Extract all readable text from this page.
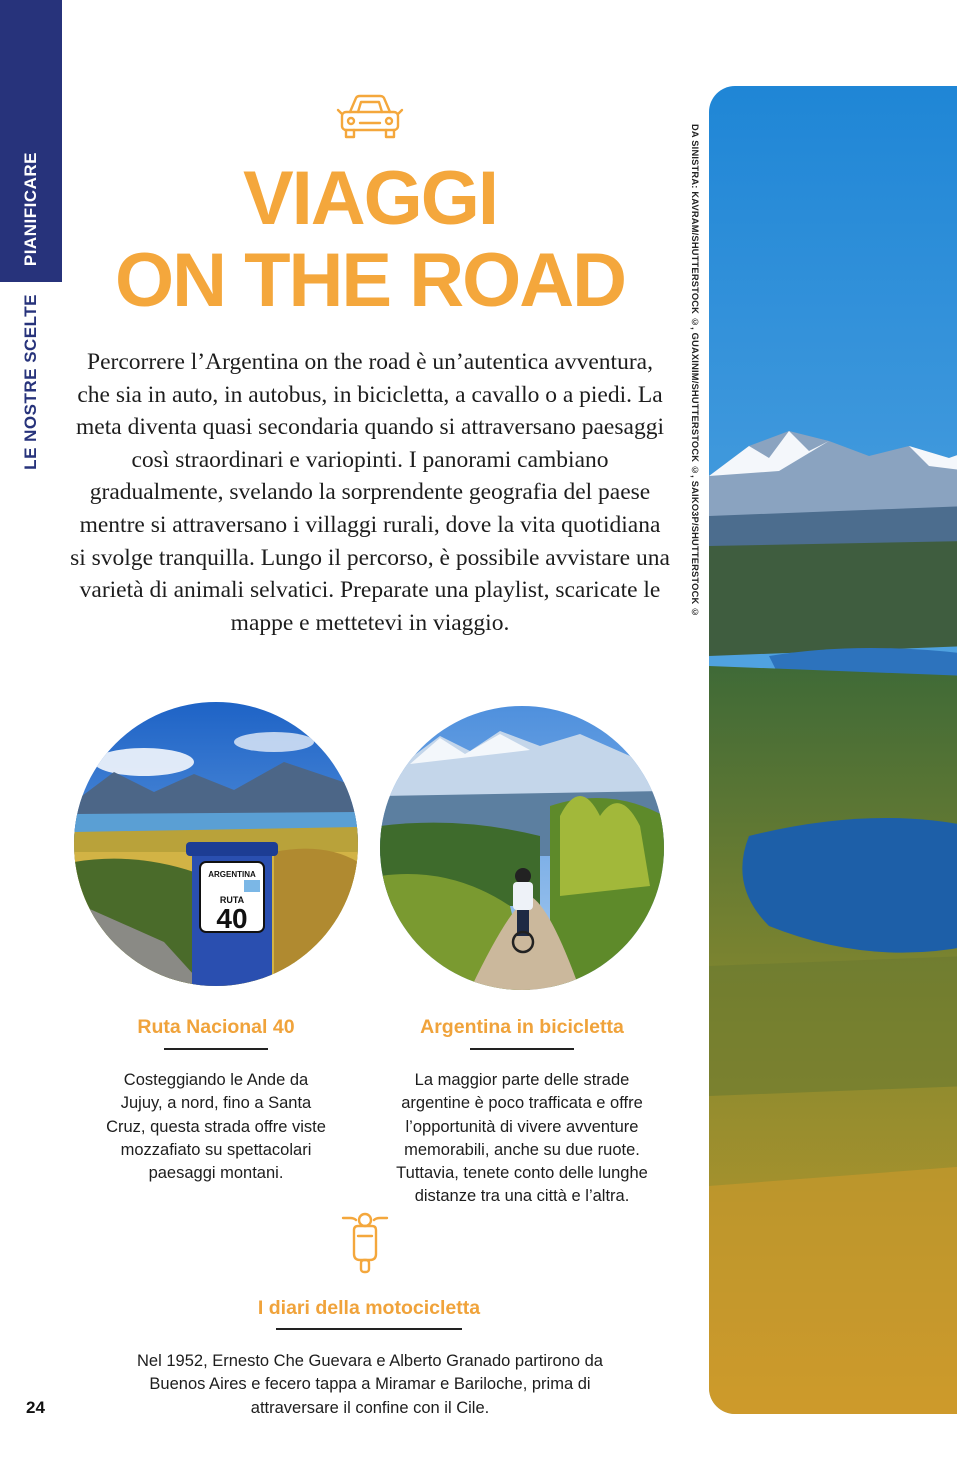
PIANIFICARE
LE NOSTRE SCELTE
VIAGGI
ON THE ROAD

Percorrere l’Argentina on the road è un’autentica avventura, che sia in auto, in autobus, in bicicletta, a cavallo o a piedi. La meta diventa quasi secondaria quando si attraversano paesaggi così straordinari e variopinti. I panorami cambiano gradualmente, svelando la sorprendente geografia del paese mentre si attraversano i villaggi rurali, dove la vita quotidiana si svolge tranquilla. Lungo il percorso, è possibile avvistare una varietà di animali selvatici. Preparate una playlist, scaricate le mappe e mettetevi in viaggio.

ARGENTINA
RUTA
40
Ruta Nacional 40

Costeggiando le Ande da Jujuy, a nord, fino a Santa Cruz, questa strada offre viste mozzafiato su spettacolari paesaggi montani.

Argentina in bicicletta

La maggior parte delle strade argentine è poco trafficata e offre l’opportunità di vivere avventure memorabili, anche su due ruote. Tuttavia, tenete conto delle lunghe distanze tra una città e l’altra.

I diari della motocicletta

Nel 1952, Ernesto Che Guevara e Alberto Granado partirono da Buenos Aires e fecero tappa a Miramar e Bariloche, prima di attraversare il confine con il Cile.

24
DA SINISTRA: KAVRAM/SHUTTERSTOCK ©, GUAXINIM/SHUTTERSTOCK ©, SAIKO3P/SHUTTERSTOCK ©
